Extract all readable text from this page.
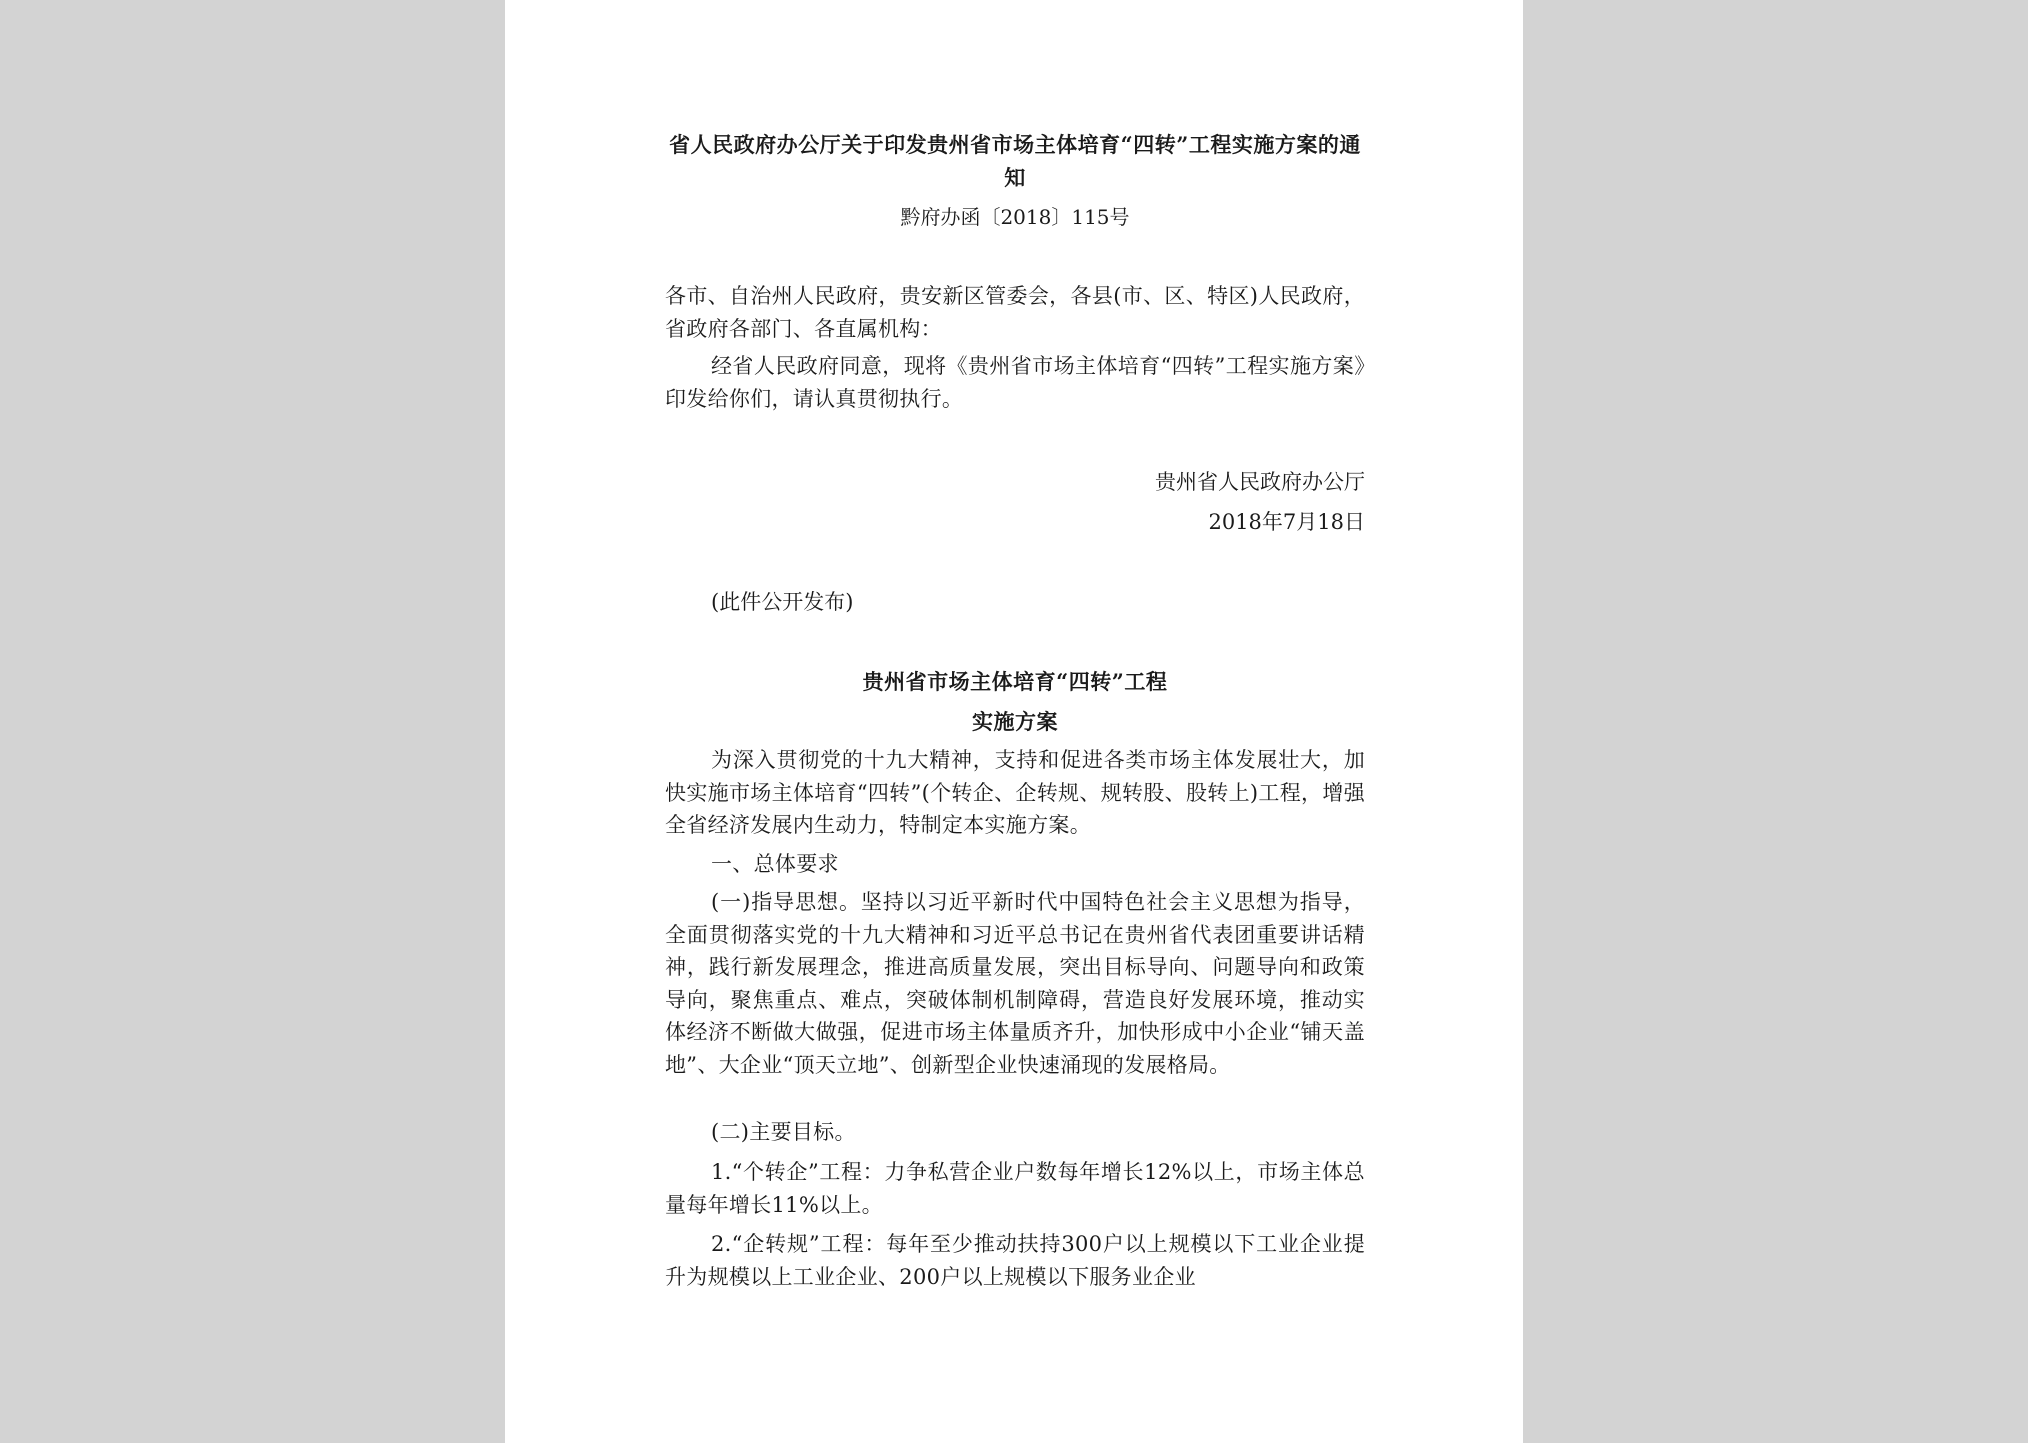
省人民政府办公厅关于印发贵州省市场主体培育“四转”工程实施方案的通知
黔府办函〔2018〕115号
各市、自治州人民政府，贵安新区管委会，各县(市、区、特区)人民政府，省政府各部门、各直属机构：
经省人民政府同意，现将《贵州省市场主体培育“四转”工程实施方案》印发给你们，请认真贯彻执行。
贵州省人民政府办公厅
2018年7月18日
(此件公开发布)
贵州省市场主体培育“四转”工程
实施方案
为深入贯彻党的十九大精神，支持和促进各类市场主体发展壮大，加快实施市场主体培育“四转”(个转企、企转规、规转股、股转上)工程，增强全省经济发展内生动力，特制定本实施方案。
一、总体要求
(一)指导思想。坚持以习近平新时代中国特色社会主义思想为指导，全面贯彻落实党的十九大精神和习近平总书记在贵州省代表团重要讲话精神，践行新发展理念，推进高质量发展，突出目标导向、问题导向和政策导向，聚焦重点、难点，突破体制机制障碍，营造良好发展环境，推动实体经济不断做大做强，促进市场主体量质齐升，加快形成中小企业“铺天盖地”、大企业“顶天立地”、创新型企业快速涌现的发展格局。
(二)主要目标。
1.“个转企”工程：力争私营企业户数每年增长12%以上，市场主体总量每年增长11%以上。
2.“企转规”工程：每年至少推动扶持300户以上规模以下工业企业提升为规模以上工业企业、200户以上规模以下服务业企业
